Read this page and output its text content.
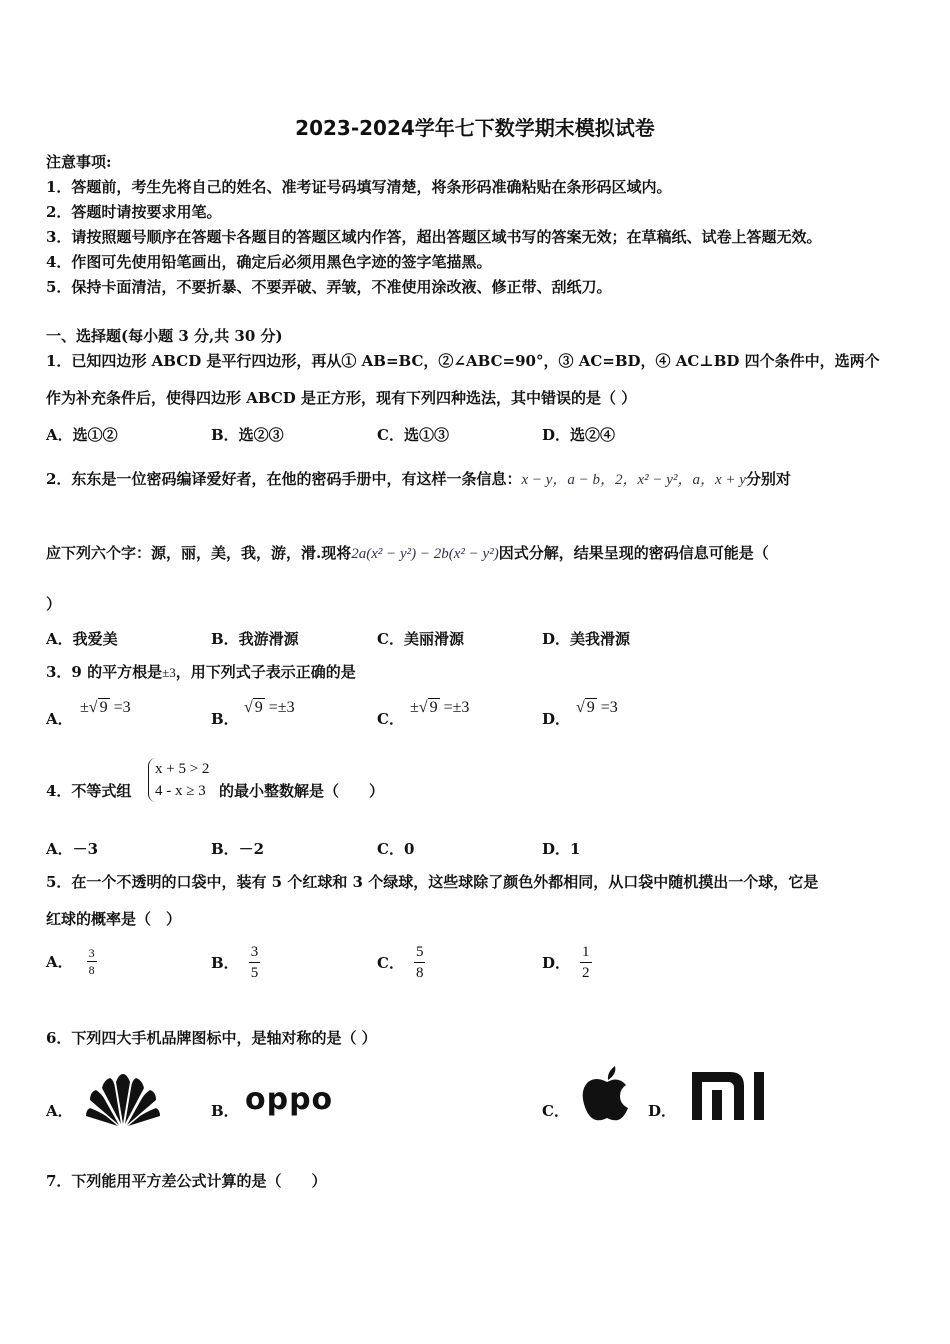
2023-2024学年七下数学期末模拟试卷
注意事项:
1．答题前，考生先将自己的姓名、准考证号码填写清楚，将条形码准确粘贴在条形码区域内。
2．答题时请按要求用笔。
3．请按照题号顺序在答题卡各题目的答题区域内作答，超出答题区域书写的答案无效；在草稿纸、试卷上答题无效。
4．作图可先使用铅笔画出，确定后必须用黑色字迹的签字笔描黑。
5．保持卡面清洁，不要折暴、不要弄破、弄皱，不准使用涂改液、修正带、刮纸刀。
一、选择题(每小题 3 分,共 30 分)
1．已知四边形 ABCD 是平行四边形，再从① AB=BC，②∠ABC=90°，③ AC=BD，④ AC⊥BD 四个条件中，选两个
作为补充条件后，使得四边形 ABCD 是正方形，现有下列四种选法，其中错误的是（ ）
A．选①②	B．选②③	C．选①③	D．选②④
2．东东是一位密码编译爱好者，在他的密码手册中，有这样一条信息：x − y，a − b，2，x² − y²，a，x + y分别对
应下列六个字：源，丽，美，我，游，滑.现将2a(x² − y²) − 2b(x² − y²)因式分解，结果呈现的密码信息可能是（
）
A．我爱美	B．我游滑源	C．美丽滑源	D．美我滑源
3．9 的平方根是±3，用下列式子表示正确的是
A．
±√ 9 =3
B．
√ 9 =±3
C．
±√ 9 =±3
D．
√ 9 =3
4．不等式组
x + 5 > 2
4 - x ≥ 3 的最小整数解是（　　）
A．－3	B．－2	C．0	D．1
5．在一个不透明的口袋中，装有 5 个红球和 3 个绿球，这些球除了颜色外都相同，从口袋中随机摸出一个球，它是
红球的概率是（　）
A． $\frac{3}{8}$	B． $\frac{3}{5}$	C． $\frac{5}{8}$	D． $\frac{1}{2}$
6．下列四大手机品牌图标中，是轴对称的是（ ）
A．	B． oppo	C．	D．
7．下列能用平方差公式计算的是（　　）
